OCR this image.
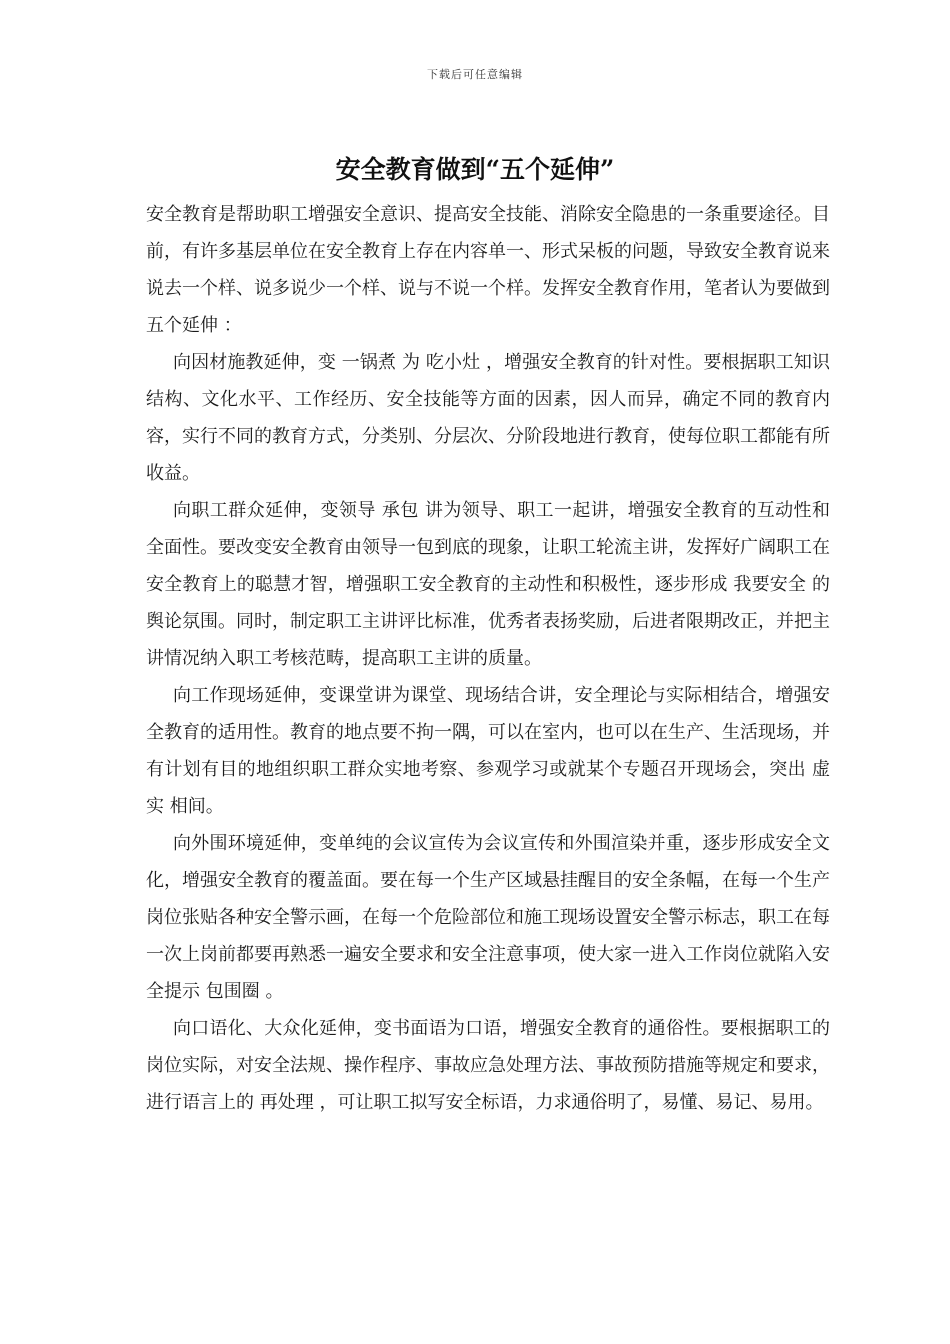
下载后可任意编辑
安全教育做到“五个延伸”

安全教育是帮助职工增强安全意识、提高安全技能、消除安全隐患的一条重要途径。目前，有许多基层单位在安全教育上存在内容单一、形式呆板的问题，导致安全教育说来说去一个样、说多说少一个样、说与不说一个样。发挥安全教育作用，笔者认为要做到 五个延伸 ：

向因材施教延伸，变 一锅煮 为 吃小灶 ，增强安全教育的针对性。要根据职工知识结构、文化水平、工作经历、安全技能等方面的因素，因人而异，确定不同的教育内容，实行不同的教育方式，分类别、分层次、分阶段地进行教育，使每位职工都能有所收益。

向职工群众延伸，变领导 承包 讲为领导、职工一起讲，增强安全教育的互动性和全面性。要改变安全教育由领导一包到底的现象，让职工轮流主讲，发挥好广阔职工在安全教育上的聪慧才智，增强职工安全教育的主动性和积极性，逐步形成 我要安全 的舆论氛围。同时，制定职工主讲评比标准，优秀者表扬奖励，后进者限期改正，并把主讲情况纳入职工考核范畴，提高职工主讲的质量。

向工作现场延伸，变课堂讲为课堂、现场结合讲，安全理论与实际相结合，增强安全教育的适用性。教育的地点要不拘一隅，可以在室内，也可以在生产、生活现场，并有计划有目的地组织职工群众实地考察、参观学习或就某个专题召开现场会，突出 虚 实 相间。

向外围环境延伸，变单纯的会议宣传为会议宣传和外围渲染并重，逐步形成安全文化，增强安全教育的覆盖面。要在每一个生产区域悬挂醒目的安全条幅，在每一个生产岗位张贴各种安全警示画，在每一个危险部位和施工现场设置安全警示标志，职工在每一次上岗前都要再熟悉一遍安全要求和安全注意事项，使大家一进入工作岗位就陷入安全提示 包围圈 。

向口语化、大众化延伸，变书面语为口语，增强安全教育的通俗性。要根据职工的岗位实际，对安全法规、操作程序、事故应急处理方法、事故预防措施等规定和要求，进行语言上的 再处理 ，可让职工拟写安全标语，力求通俗明了，易懂、易记、易用。
